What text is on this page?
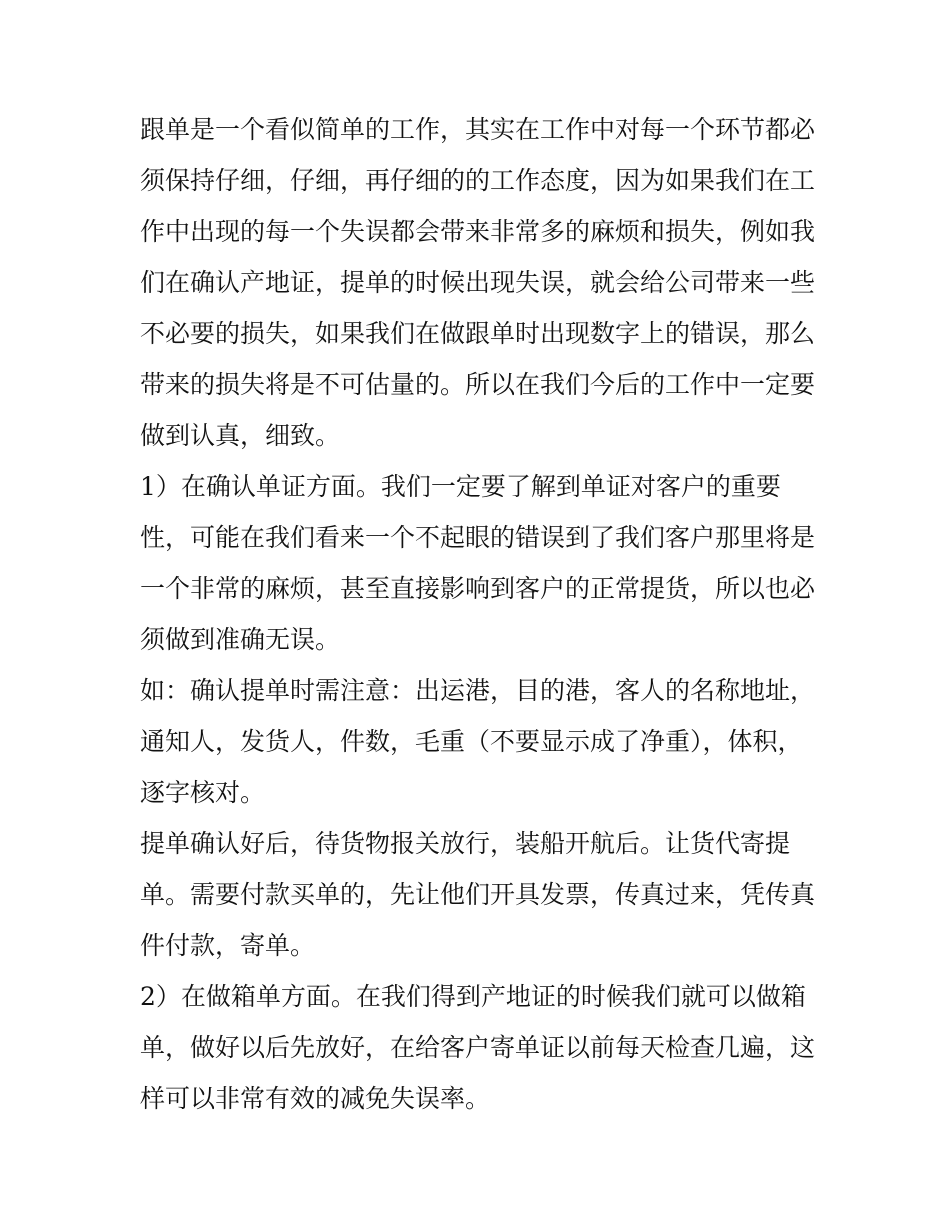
跟单是一个看似简单的工作，其实在工作中对每一个环节都必
须保持仔细，仔细，再仔细的的工作态度，因为如果我们在工
作中出现的每一个失误都会带来非常多的麻烦和损失，例如我
们在确认产地证，提单的时候出现失误，就会给公司带来一些
不必要的损失，如果我们在做跟单时出现数字上的错误，那么
带来的损失将是不可估量的。所以在我们今后的工作中一定要
做到认真，细致。
1）在确认单证方面。我们一定要了解到单证对客户的重要
性，可能在我们看来一个不起眼的错误到了我们客户那里将是
一个非常的麻烦，甚至直接影响到客户的正常提货，所以也必
须做到准确无误。
如：确认提单时需注意：出运港，目的港，客人的名称地址，
通知人，发货人，件数，毛重（不要显示成了净重），体积，
逐字核对。
提单确认好后，待货物报关放行，装船开航后。让货代寄提
单。需要付款买单的，先让他们开具发票，传真过来，凭传真
件付款，寄单。
2）在做箱单方面。在我们得到产地证的时候我们就可以做箱
单，做好以后先放好，在给客户寄单证以前每天检查几遍，这
样可以非常有效的减免失误率。
